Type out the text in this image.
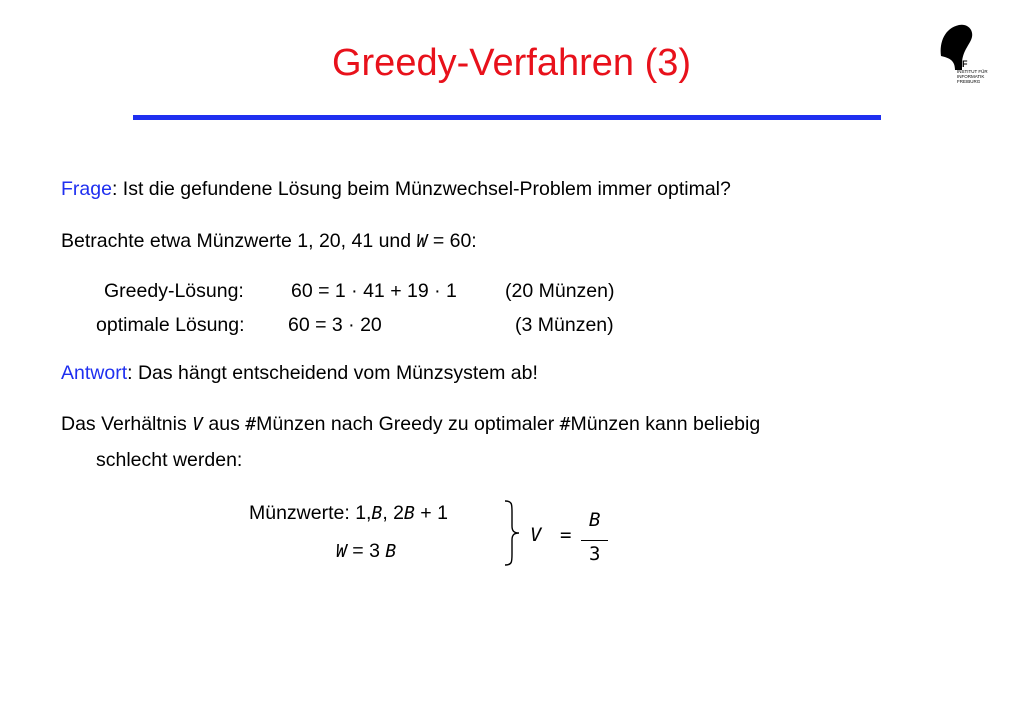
Greedy-Verfahren (3)	IIF
INSTITUT FÜR
INFORMATIK
FREIBURG
Frage: Ist die gefundene Lösung beim Münzwechsel-Problem immer optimal?
Betrachte etwa Münzwerte 1, 20, 41 und W = 60:
Greedy-Lösung: 60 = 1 · 41 + 19 · 1 (20 Münzen)
optimale Lösung: 60 = 3 · 20	(3 Münzen)
Antwort: Das hängt entscheidend vom Münzsystem ab!
Das Verhältnis V aus #Münzen nach Greedy zu optimaler #Münzen kann beliebig
schlecht werden:
Münzwerte: 1,B, 2B + 1
W = 3 B
V =
B
3
